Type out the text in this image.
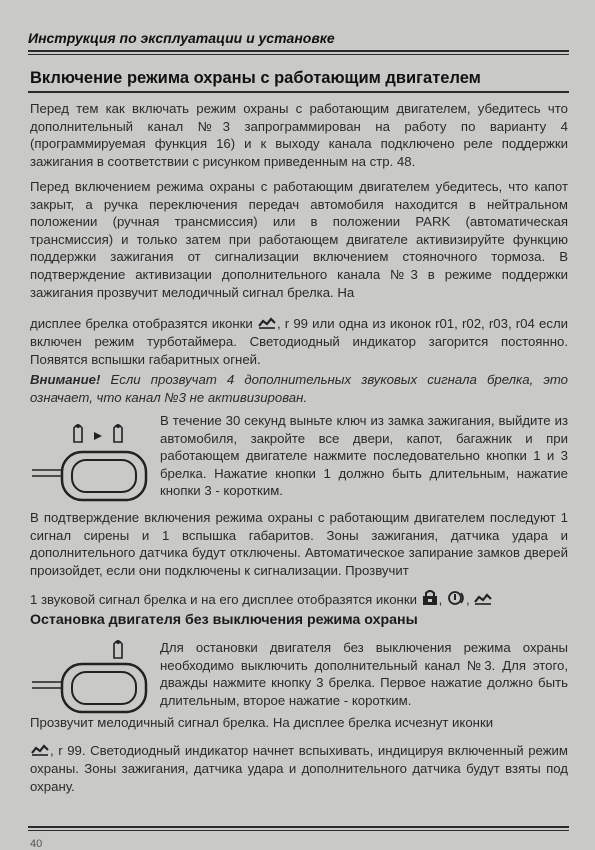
Инструкция по эксплуатации и установке
Включение режима охраны с работающим двигателем
Перед тем как включать режим охраны с работающим двигателем, убедитесь что дополнительный канал №3 запрограммирован на работу по варианту 4 (программируемая функция 16) и к выходу канала подключено реле поддержки зажигания в соответствии с рисунком приведенным на стр. 48.
Перед включением режима охраны с работающим двигателем убедитесь, что капот закрыт, а ручка переключения передач автомобиля находится в нейтральном положении (ручная трансмиссия) или в положении PARK (автоматическая трансмиссия) и только затем при работающем двигателе активизируйте функцию поддержки зажигания от сигнализации включением стояночного тормоза. В подтверждение активизации дополнительного канала №3 в режиме поддержки зажигания прозвучит мелодичный сигнал брелка. На
дисплее брелка отобразятся иконки , r 99 или одна из иконок r01, r02, r03, r04 если включен режим турботаймера. Светодиодный индикатор загорится постоянно. Появятся вспышки габаритных огней.
Внимание! Если прозвучат 4 дополнительных звуковых сигнала брелка, это означает, что канал №3 не активизирован.
В течение 30 секунд выньте ключ из замка зажигания, выйдите из автомобиля, закройте все двери, капот, багажник и при работающем двигателе нажмите последовательно кнопки 1 и 3 брелка. Нажатие кнопки 1 должно быть длительным, нажатие кнопки 3 - коротким.
В подтверждение включения режима охраны с работающим двигателем последуют 1 сигнал сирены и 1 вспышка габаритов. Зоны зажигания, датчика удара и дополнительного датчика будут отключены. Автоматическое запирание замков дверей произойдет, если они подключены к сигнализации. Прозвучит
1 звуковой сигнал брелка и на его дисплее отобразятся иконки , ,
Остановка двигателя без выключения режима охраны
Для остановки двигателя без выключения режима охраны необходимо выключить дополнительный канал №3. Для этого, дважды нажмите кнопку 3 брелка. Первое нажатие должно быть длительным, второе нажатие - коротким.
Прозвучит мелодичный сигнал брелка. На дисплее брелка исчезнут иконки
, r 99. Светодиодный индикатор начнет вспыхивать, индицируя включенный режим охраны. Зоны зажигания, датчика удара и дополнительного датчика будут взяты под охрану.
40
